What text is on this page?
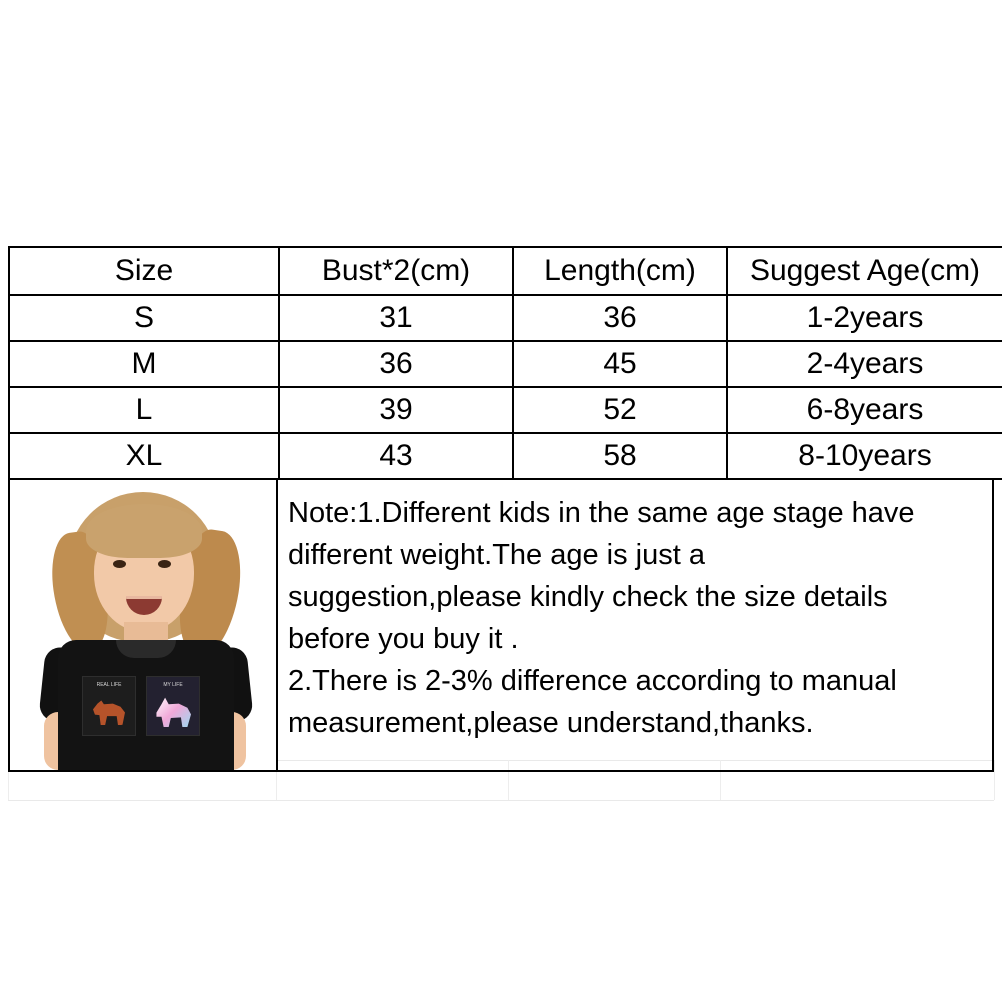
Size	Bust*2(cm)	Length(cm)	Suggest Age(cm)
S	31	36	1-2years
M	36	45	2-4years
L	39	52	6-8years
XL	43	58	8-10years
REAL LIFE	MY LIFE
Note:1.Different kids in the same age stage have
different weight.The age is just a
suggestion,please kindly check the size details
before you buy it .
2.There is 2-3% difference according to manual
measurement,please understand,thanks.
